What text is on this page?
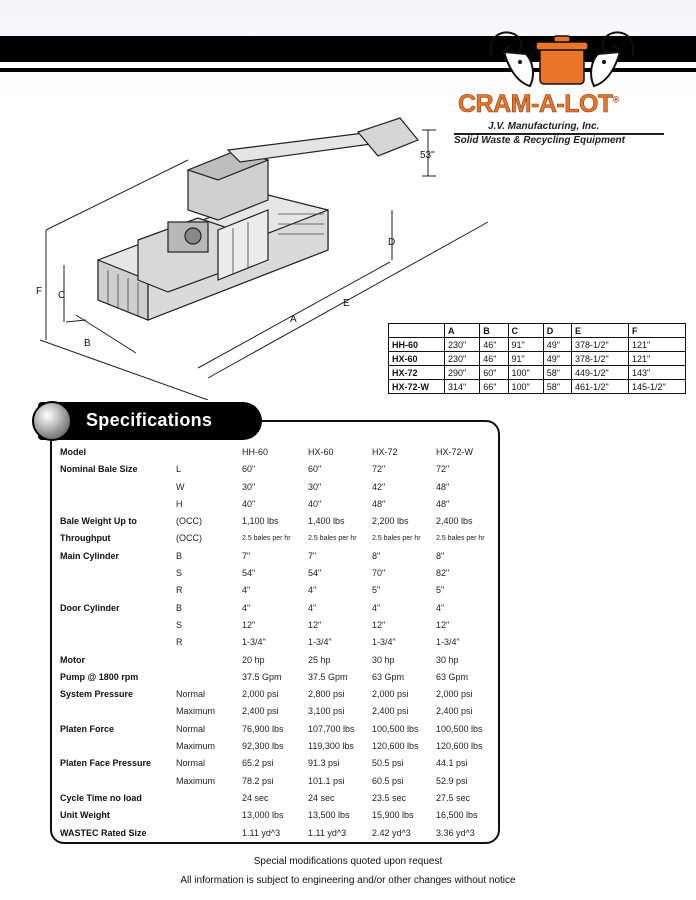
CRAM-A-LOT®
J.V. Manufacturing, Inc.
Solid Waste & Recycling Equipment
F C
B
A
E
D
53"
	A	B	C	D	E	F
HH-60	230"	46"	91"	49"	378-1/2"	121"
HX-60	230"	46"	91"	49"	378-1/2"	121"
HX-72	290"	60"	100"	58"	449-1/2"	143"
HX-72-W	314"	66"	100"	58"	461-1/2"	145-1/2"
Specifications
Model	HH-60	HX-60	HX-72	HX-72-W
Nominal Bale Size	L	60"	60"	72"	72"
W	30"	30"	42"	48"
H	40"	40"	48"	48"
Bale Weight Up to	(OCC)	1,100 lbs	1,400 lbs	2,200 lbs	2,400 lbs
Throughput	(OCC)	2.5 bales per hr 2.5 bales per hr 2.5 bales per hr 2.5 bales per hr
Main Cylinder	B	7"	7"	8"	8"
S	54"	54"	70"	82"
R	4"	4"	5"	5"
Door Cylinder	B	4"	4"	4"	4"
S	12"	12"	12"	12"
R	1-3/4"	1-3/4"	1-3/4"	1-3/4"
Motor	20 hp	25 hp	30 hp	30 hp
Pump @ 1800 rpm	37.5 Gpm	37.5 Gpm	63 Gpm	63 Gpm
System Pressure	Normal	2,000 psi	2,800 psi	2,000 psi	2,000 psi
Maximum	2,400 psi	3,100 psi	2,400 psi	2,400 psi
Platen Force	Normal	76,900 lbs	107,700 lbs 100,500 lbs 100,500 lbs
Maximum	92,300 lbs	119,300 lbs 120,600 lbs 120,600 lbs
Platen Face Pressure	Normal	65.2 psi	91.3 psi	50.5 psi	44.1 psi
Maximum	78.2 psi	101.1 psi	60.5 psi	52.9 psi
Cycle Time no load	24 sec	24 sec	23.5 sec	27.5 sec
Unit Weight	13,000 lbs	13,500 lbs 15,900 lbs 16,500 lbs
WASTEC Rated Size	1.11 yd^3	1.11 yd^3	2.42 yd^3	3.36 yd^3
Special modifications quoted upon request
All information is subject to engineering and/or other changes without notice
